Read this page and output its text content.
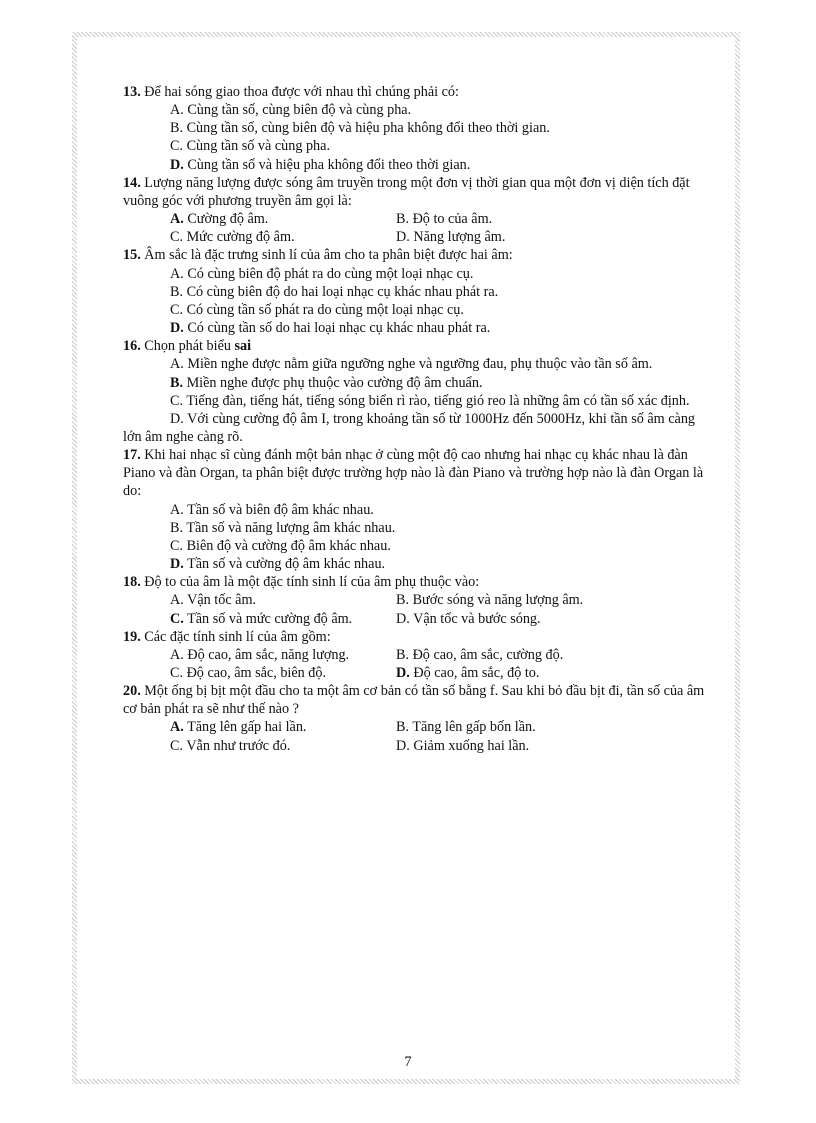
13. Để hai sóng giao thoa được với nhau thì chúng phải có:
A. Cùng tần số, cùng biên độ và cùng pha.
B. Cùng tần số, cùng biên độ và hiệu pha không đổi theo thời gian.
C. Cùng tần số và cùng pha.
D. Cùng tần số và hiệu pha không đổi theo thời gian.
14. Lượng năng lượng được sóng âm truyền trong một đơn vị thời gian qua một đơn vị diện tích đặt vuông góc với phương truyền âm gọi là:
A. Cường độ âm.	B. Độ to của âm.
C. Mức cường độ âm.	D. Năng lượng âm.
15. Âm sắc là đặc trưng sinh lí của âm cho ta phân biệt được hai âm:
A. Có cùng biên độ phát ra do cùng một loại nhạc cụ.
B. Có cùng biên độ do hai loại nhạc cụ khác nhau phát ra.
C. Có cùng tần số phát ra do cùng một loại nhạc cụ.
D. Có cùng tần số do hai loại nhạc cụ khác nhau phát ra.
16. Chọn phát biểu sai
A. Miền nghe được nằm giữa ngưỡng nghe và ngưỡng đau, phụ thuộc vào tần số âm.
B. Miền nghe được phụ thuộc vào cường độ âm chuẩn.
C. Tiếng đàn, tiếng hát, tiếng sóng biển rì rào, tiếng gió reo là những âm có tần số xác định.
D. Với cùng cường độ âm I, trong khoảng tần số từ 1000Hz đến 5000Hz, khi tần số âm càng lớn âm nghe càng rõ.
17. Khi hai nhạc sĩ cùng đánh một bản nhạc ở cùng một độ cao nhưng hai nhạc cụ khác nhau là đàn Piano và đàn Organ, ta phân biệt được trường hợp nào là đàn Piano và trường hợp nào là đàn Organ là do:
A. Tần số và biên độ âm khác nhau.
B. Tần số và năng lượng âm khác nhau.
C. Biên độ và cường độ âm khác nhau.
D. Tần số và cường độ âm khác nhau.
18. Độ to của âm là một đặc tính sinh lí của âm phụ thuộc vào:
A. Vận tốc âm.	B. Bước sóng và năng lượng âm.
C. Tần số và mức cường độ âm.	D. Vận tốc và bước sóng.
19. Các đặc tính sinh lí của âm gồm:
A. Độ cao, âm sắc, năng lượng.	B. Độ cao, âm sắc, cường độ.
C. Độ cao, âm sắc, biên độ.	D. Độ cao, âm sắc, độ to.
20. Một ống bị bịt một đầu cho ta một âm cơ bản có tần số bằng f. Sau khi bỏ đầu bịt đi, tần số của âm cơ bản phát ra sẽ như thế nào ?
A. Tăng lên gấp hai lần.	B. Tăng lên gấp bốn lần.
C. Vẫn như trước đó.	D. Giảm xuống hai lần.
7
